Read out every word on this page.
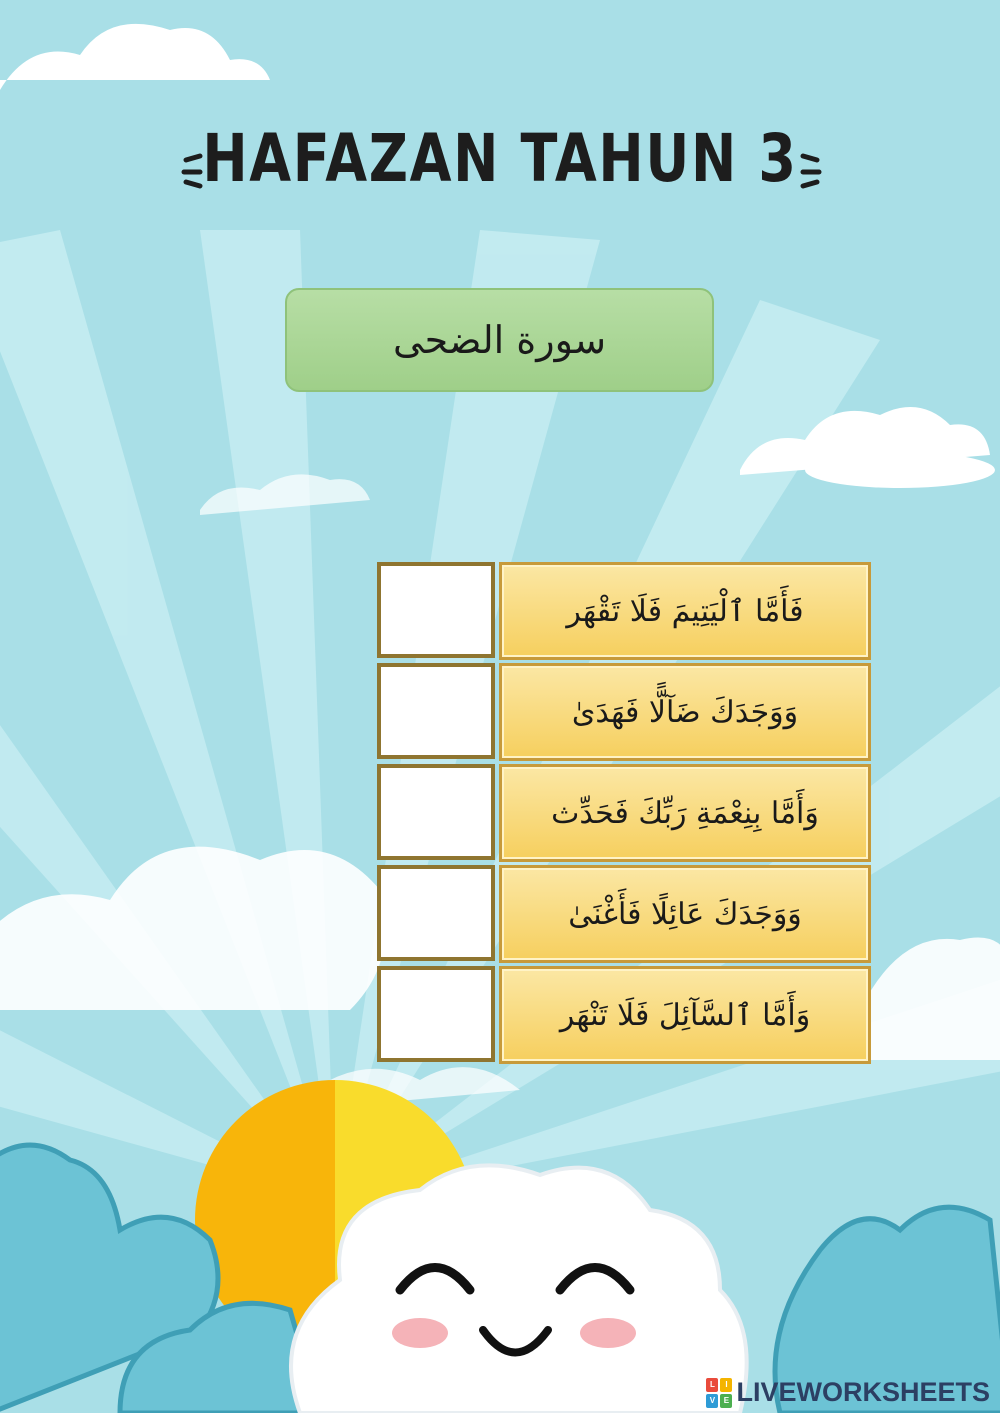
HAFAZAN TAHUN 3
سورة الضحى
فَأَمَّا ٱلْيَتِيمَ فَلَا تَقْهَر
وَوَجَدَكَ ضَآلًّا فَهَدَىٰ
وَأَمَّا بِنِعْمَةِ رَبِّكَ فَحَدِّث
وَوَجَدَكَ عَائِلًا فَأَغْنَىٰ
وَأَمَّا ٱلسَّآئِلَ فَلَا تَنْهَر
L	I
V	E LIVEWORKSHEETS
